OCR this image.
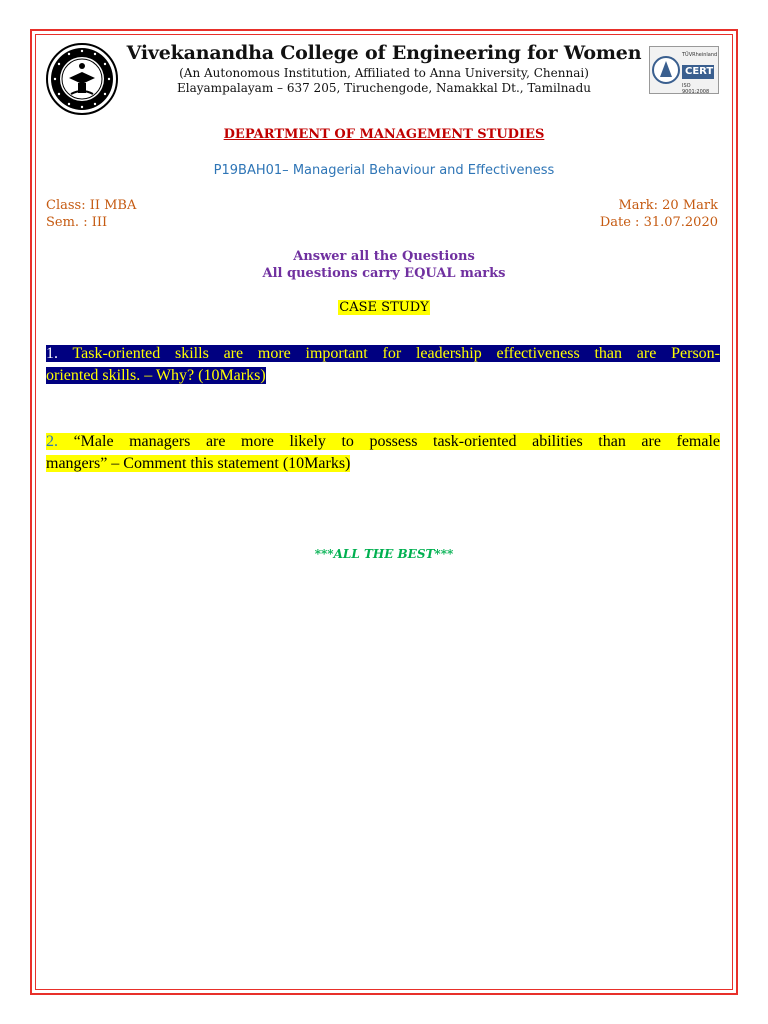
TÜVRheinland
CERT
ISO 9001:2008
Vivekanandha College of Engineering for Women
(An Autonomous Institution, Affiliated to Anna University, Chennai)
Elayampalayam – 637 205, Tiruchengode, Namakkal Dt., Tamilnadu
DEPARTMENT OF MANAGEMENT STUDIES
P19BAH01– Managerial Behaviour and Effectiveness
Class: II MBA
Sem. : III
Mark: 20 Mark
Date : 31.07.2020
Answer all the Questions
All questions carry EQUAL marks
CASE STUDY
1. Task-oriented skills are more important for leadership effectiveness than are Person-
oriented skills. – Why? (10Marks)
2. “Male managers are more likely to possess task-oriented abilities than are female
mangers” – Comment this statement (10Marks)
***ALL THE BEST***
